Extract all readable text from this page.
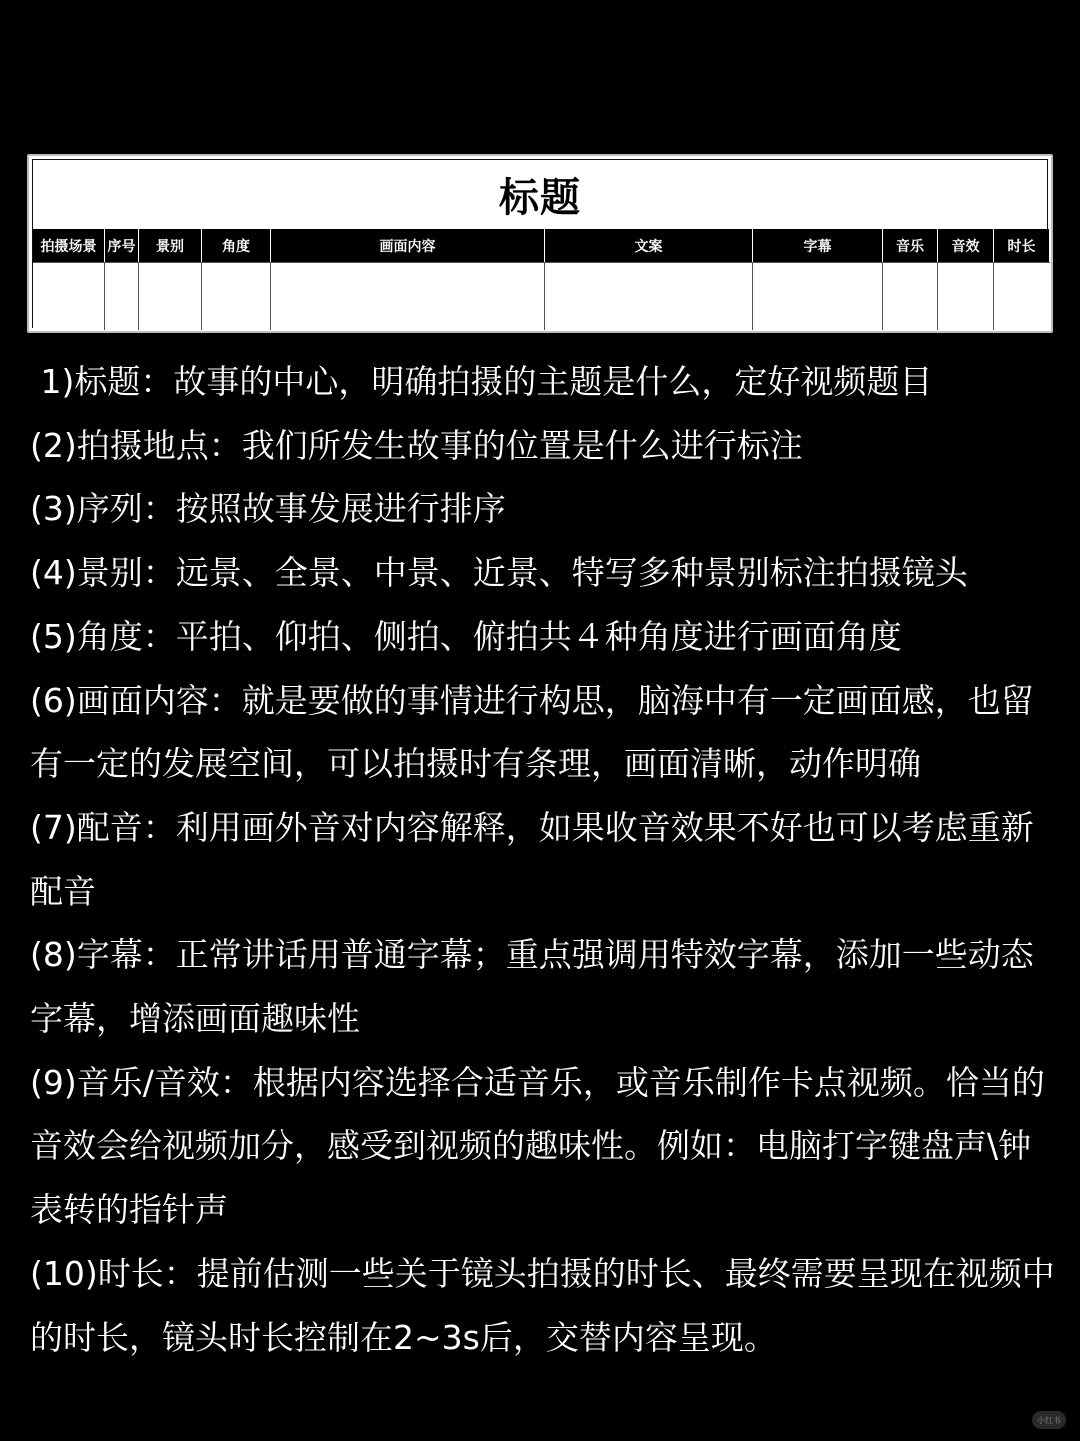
标题
拍摄场景 序号	景别	角度	画面内容	文案	字幕	音乐	音效	时长
1)标题：故事的中心，明确拍摄的主题是什么，定好视频题目
(2)拍摄地点：我们所发生故事的位置是什么进行标注
(3)序列：按照故事发展进行排序
(4)景别：远景、全景、中景、近景、特写多种景别标注拍摄镜头
(5)角度：平拍、仰拍、侧拍、俯拍共４种角度进行画面角度
(6)画面内容：就是要做的事情进行构思，脑海中有一定画面感，也留有一定的发展空间，可以拍摄时有条理，画面清晰，动作明确
(7)配音：利用画外音对内容解释，如果收音效果不好也可以考虑重新配音
(8)字幕：正常讲话用普通字幕；重点强调用特效字幕，添加一些动态字幕，增添画面趣味性
(9)音乐/音效：根据内容选择合适音乐，或音乐制作卡点视频。恰当的音效会给视频加分，感受到视频的趣味性。例如：电脑打字键盘声\钟表转的指针声
(10)时长：提前估测一些关于镜头拍摄的时长、最终需要呈现在视频中的时长，镜头时长控制在2~3s后，交替内容呈现。
小红书
